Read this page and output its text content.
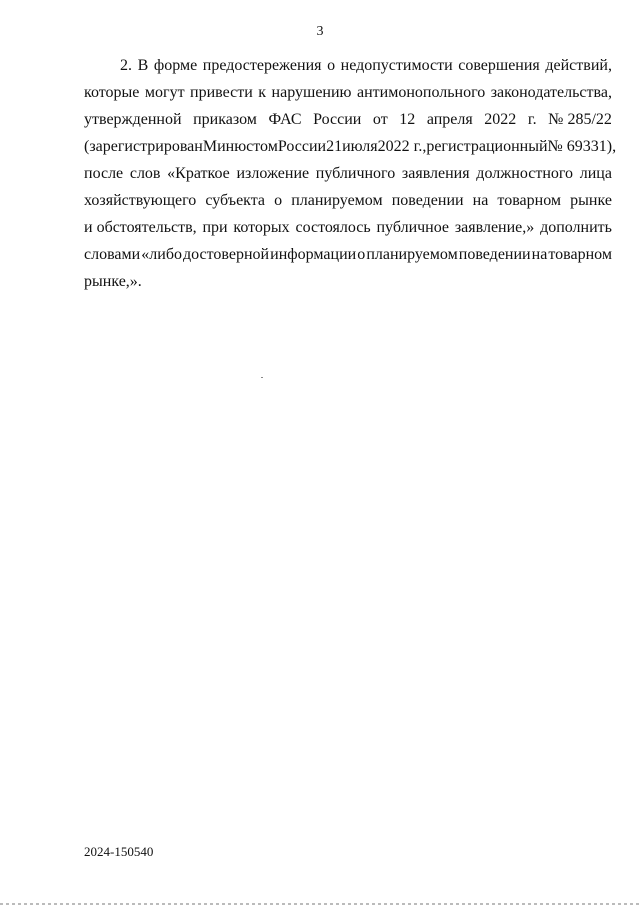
3
2. В форме предостережения о недопустимости совершения действий,
которые могут привести к нарушению антимонопольного законодательства,
утвержденной приказом ФАС России от 12 апреля 2022 г. № 285/22
(зарегистрирован Минюстом России 21 июля 2022 г., регистрационный № 69331),
после слов «Краткое изложение публичного заявления должностного лица
хозяйствующего субъекта о планируемом поведении на товарном рынке
и обстоятельств, при которых состоялось публичное заявление,» дополнить
словами «либо достоверной информации о планируемом поведении на товарном
рынке,».
2024-150540
